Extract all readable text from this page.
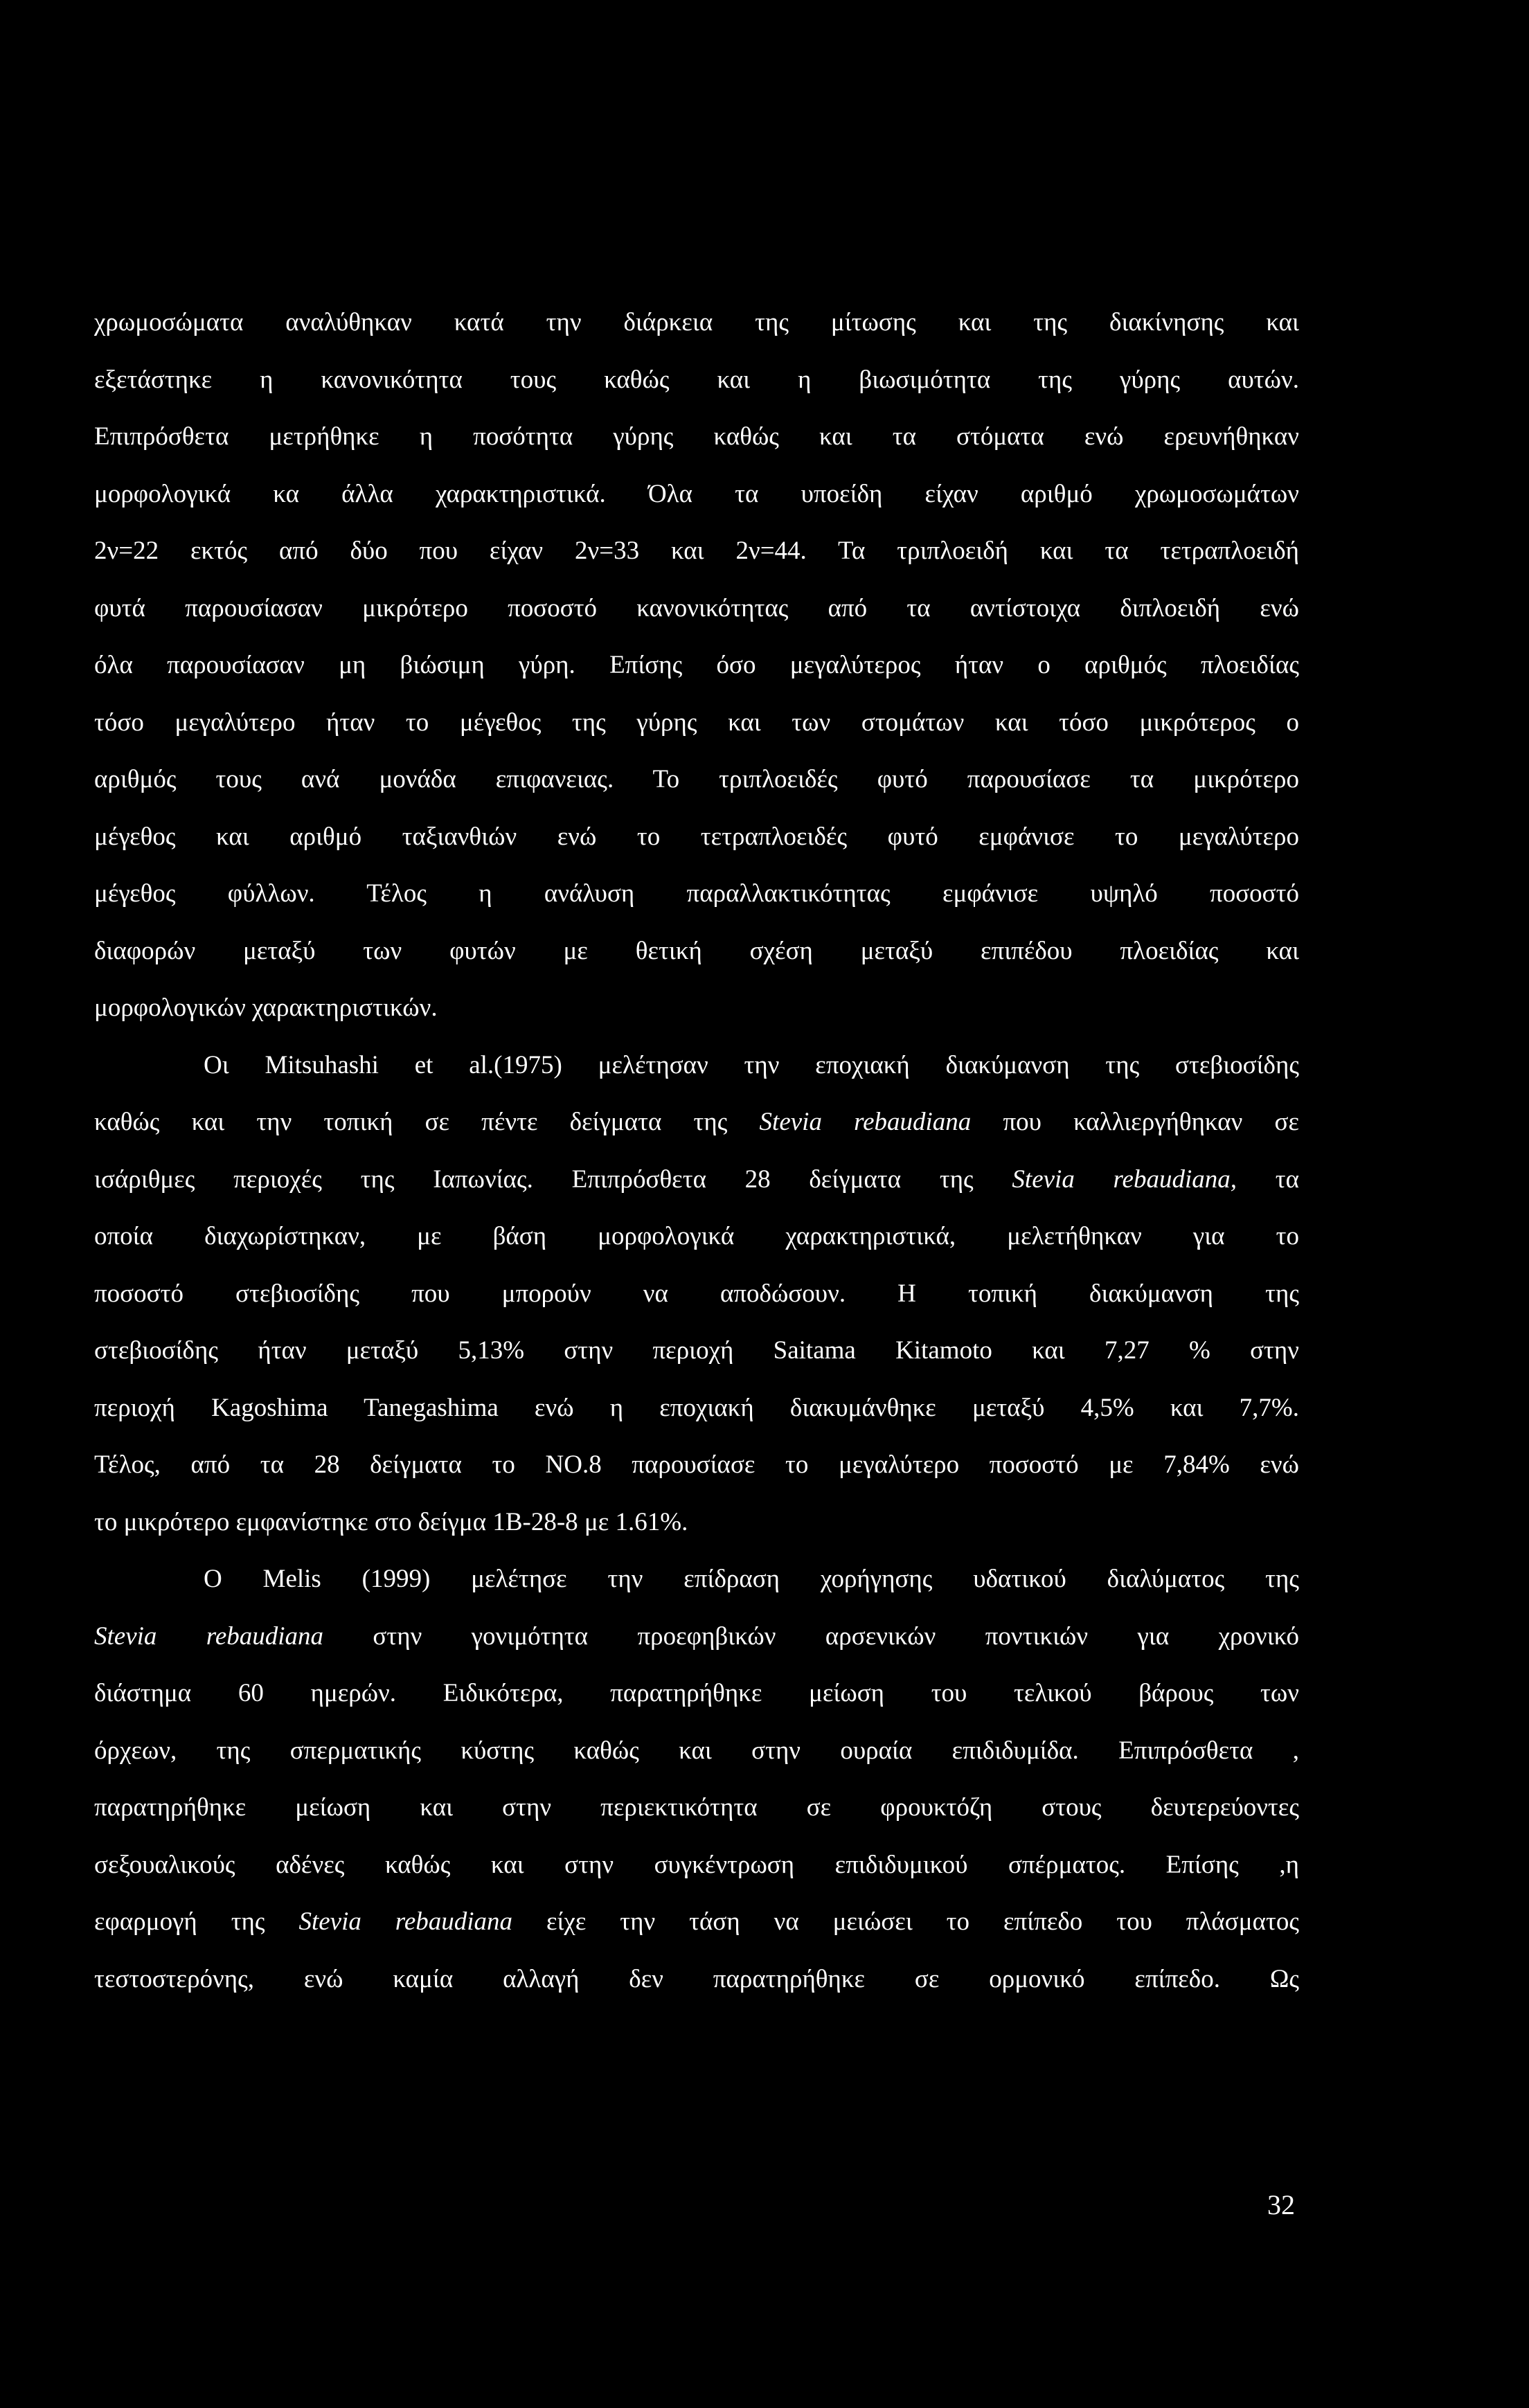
χρωμοσώματα αναλύθηκαν κατά την διάρκεια της μίτωσης και της διακίνησης και
εξετάστηκε η κανονικότητα τους καθώς και η βιωσιμότητα της γύρης αυτών.
Επιπρόσθετα μετρήθηκε η ποσότητα γύρης καθώς και τα στόματα ενώ ερευνήθηκαν
μορφολογικά κα άλλα χαρακτηριστικά. Όλα τα υποείδη είχαν αριθμό χρωμοσωμάτων
2ν=22 εκτός από δύο που είχαν 2ν=33 και 2ν=44. Τα τριπλοειδή και τα τετραπλοειδή
φυτά παρουσίασαν μικρότερο ποσοστό κανονικότητας από τα αντίστοιχα διπλοειδή ενώ
όλα παρουσίασαν μη βιώσιμη γύρη. Επίσης όσο μεγαλύτερος ήταν ο αριθμός πλοειδίας
τόσο μεγαλύτερο ήταν το μέγεθος της γύρης και των στομάτων και τόσο μικρότερος ο
αριθμός τους ανά μονάδα επιφανειας. Το τριπλοειδές φυτό παρουσίασε τα μικρότερο
μέγεθος και αριθμό ταξιανθιών ενώ το τετραπλοειδές φυτό εμφάνισε το μεγαλύτερο
μέγεθος φύλλων. Τέλος η ανάλυση παραλλακτικότητας εμφάνισε υψηλό ποσοστό
διαφορών μεταξύ των φυτών με θετική σχέση μεταξύ επιπέδου πλοειδίας και
μορφολογικών χαρακτηριστικών.
Οι Mitsuhashi et al.(1975) μελέτησαν την εποχιακή διακύμανση της στεβιοσίδης
καθώς και την τοπική σε πέντε δείγματα της Stevia rebaudiana που καλλιεργήθηκαν σε
ισάριθμες περιοχές της Ιαπωνίας. Επιπρόσθετα 28 δείγματα της Stevia rebaudiana, τα
οποία διαχωρίστηκαν, με βάση μορφολογικά χαρακτηριστικά, μελετήθηκαν για το
ποσοστό στεβιοσίδης που μπορούν να αποδώσουν. Η τοπική διακύμανση της
στεβιοσίδης ήταν μεταξύ 5,13% στην περιοχή Saitama Kitamoto και 7,27 % στην
περιοχή Kagoshima Tanegashima ενώ η εποχιακή διακυμάνθηκε μεταξύ 4,5% και 7,7%.
Τέλος, από τα 28 δείγματα το ΝΟ.8 παρουσίασε το μεγαλύτερο ποσοστό με 7,84% ενώ
το μικρότερο εμφανίστηκε στο δείγμα 1Β-28-8 με 1.61%.
Ο Melis (1999) μελέτησε την επίδραση χορήγησης υδατικού διαλύματος της
Stevia rebaudiana στην γονιμότητα προεφηβικών αρσενικών ποντικιών για χρονικό
διάστημα 60 ημερών. Ειδικότερα, παρατηρήθηκε μείωση του τελικού βάρους των
όρχεων, της σπερματικής κύστης καθώς και στην ουραία επιδιδυμίδα. Επιπρόσθετα ,
παρατηρήθηκε μείωση και στην περιεκτικότητα σε φρουκτόζη στους δευτερεύοντες
σεξουαλικούς αδένες καθώς και στην συγκέντρωση επιδιδυμικού σπέρματος. Επίσης ,η
εφαρμογή της Stevia rebaudiana είχε την τάση να μειώσει το επίπεδο του πλάσματος
τεστοστερόνης, ενώ καμία αλλαγή δεν παρατηρήθηκε σε ορμονικό επίπεδο. Ως
32
